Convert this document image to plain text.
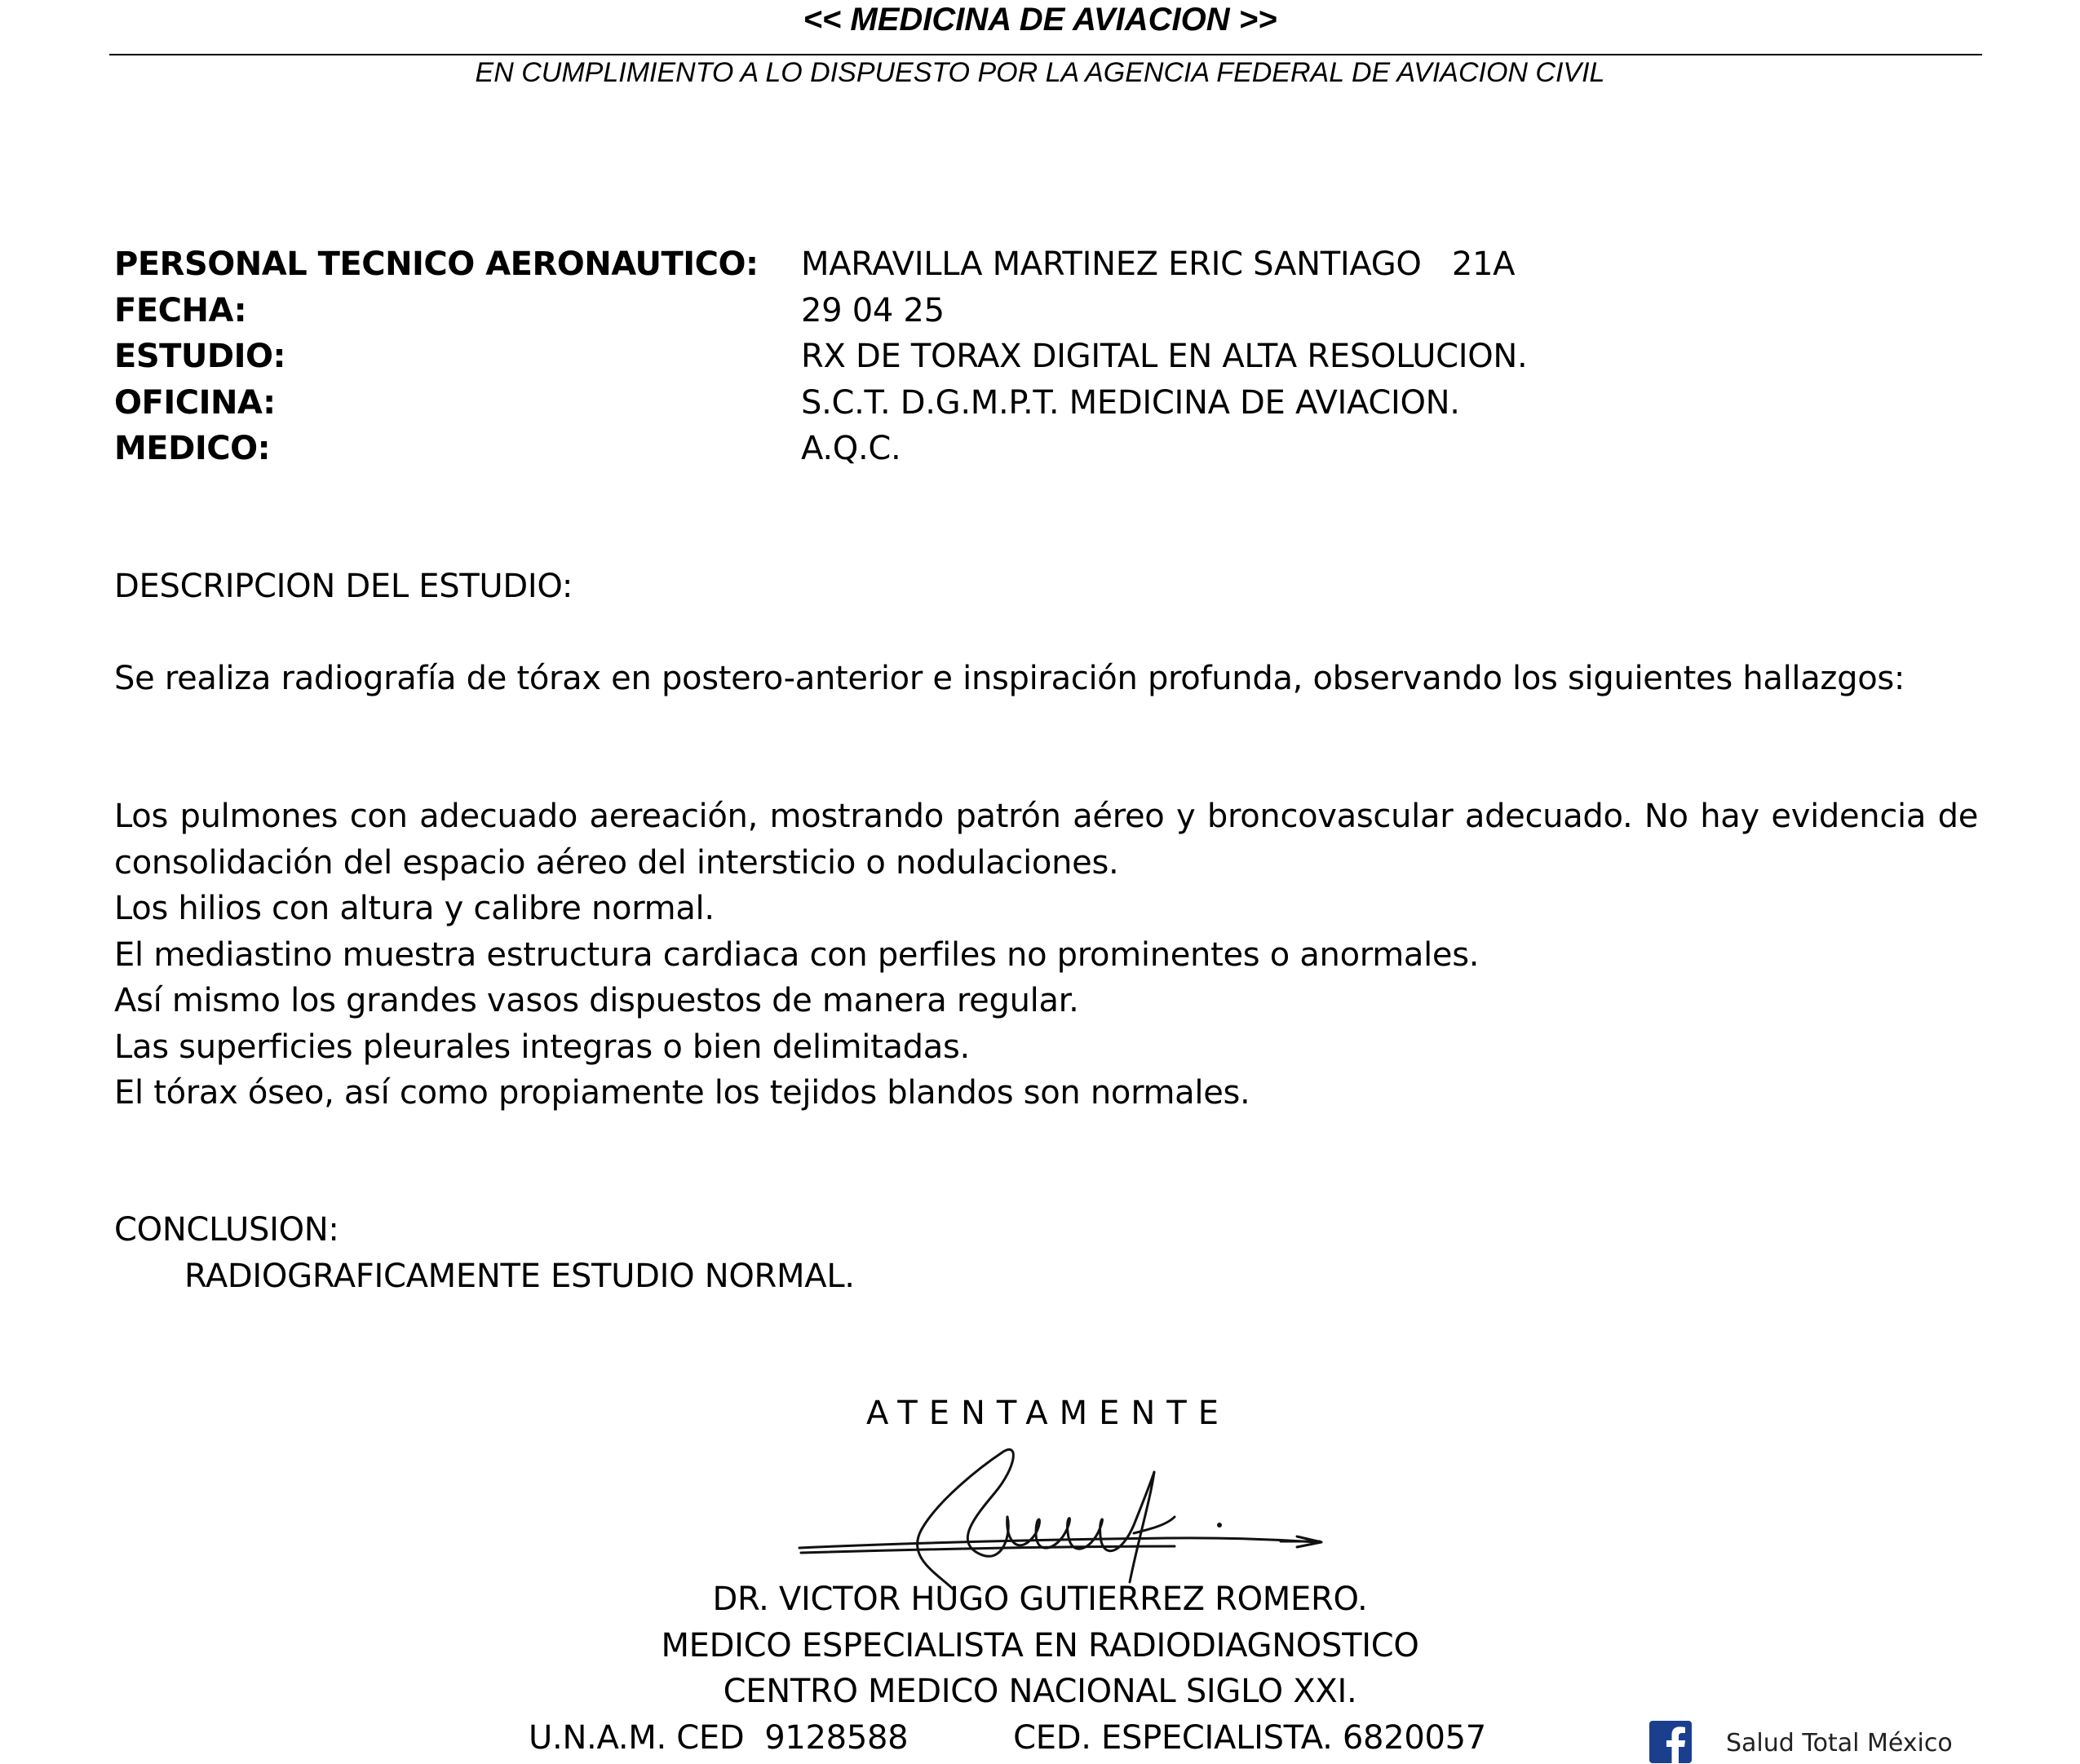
<< MEDICINA DE AVIACION >>
EN CUMPLIMIENTO A LO DISPUESTO POR LA AGENCIA FEDERAL DE AVIACION CIVIL
PERSONAL TECNICO AERONAUTICO: MARAVILLA MARTINEZ ERIC SANTIAGO   21A
FECHA:	29 04 25
ESTUDIO:	RX DE TORAX DIGITAL EN ALTA RESOLUCION.
OFICINA:	S.C.T. D.G.M.P.T. MEDICINA DE AVIACION.
MEDICO:	A.Q.C.
DESCRIPCION DEL ESTUDIO:
Se realiza radiografía de tórax en postero-anterior e inspiración profunda, observando los siguientes hallazgos:
Los pulmones con adecuado aereación, mostrando patrón aéreo y broncovascular adecuado. No hay evidencia de consolidación del espacio aéreo del intersticio o nodulaciones.
Los hilios con altura y calibre normal.
El mediastino muestra estructura cardiaca con perfiles no prominentes o anormales.
Así mismo los grandes vasos dispuestos de manera regular.
Las superficies pleurales integras o bien delimitadas.
El tórax óseo, así como propiamente los tejidos blandos son normales.
CONCLUSION:
RADIOGRAFICAMENTE ESTUDIO NORMAL.
ATENTAMENTE
DR. VICTOR HUGO GUTIERREZ ROMERO.
MEDICO ESPECIALISTA EN RADIODIAGNOSTICO
CENTRO MEDICO NACIONAL SIGLO XXI.
U.N.A.M. CED  9128588	CED. ESPECIALISTA. 6820057	Salud Total México
